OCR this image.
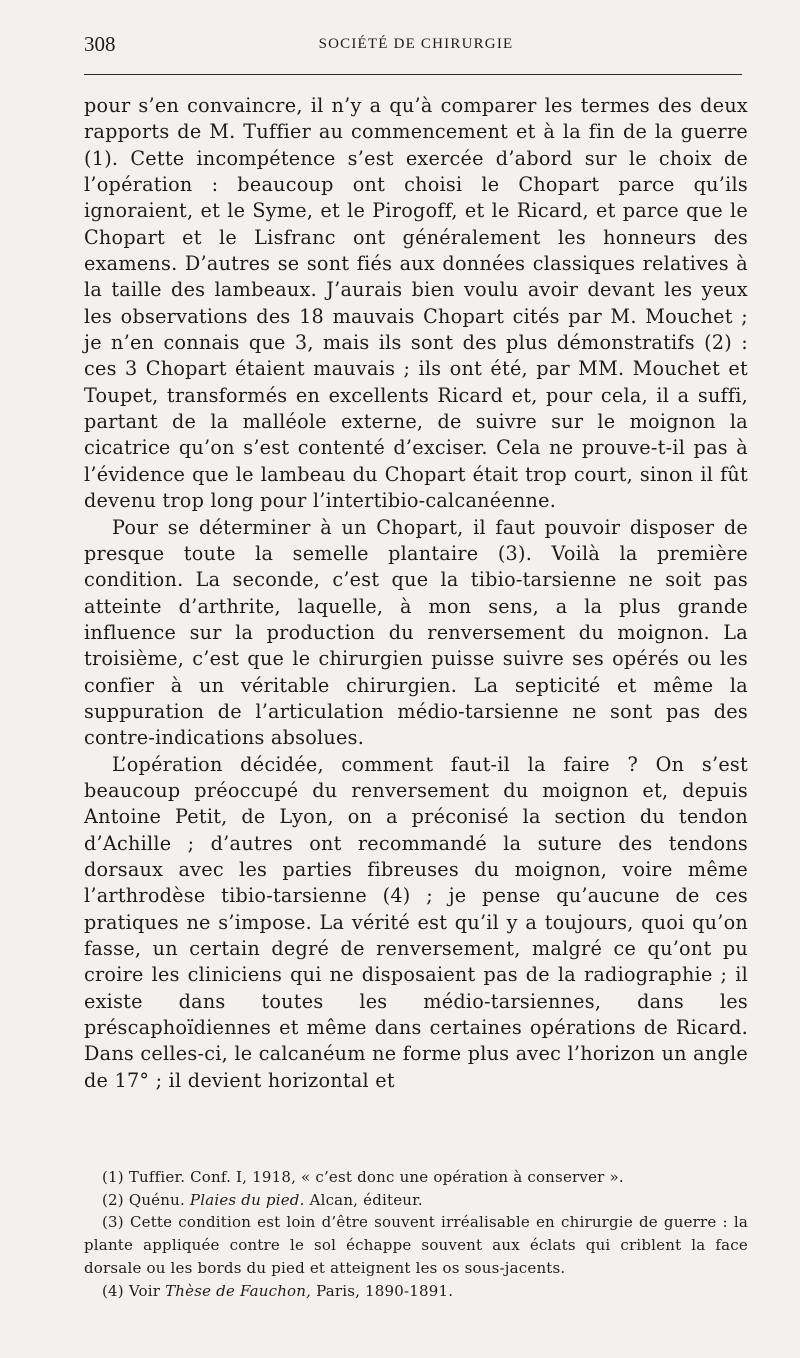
308	SOCIÉTÉ DE CHIRURGIE

pour s’en convaincre, il n’y a qu’à comparer les termes des deux rapports de M. Tuffier au commencement et à la fin de la guerre (1). Cette incompétence s’est exercée d’abord sur le choix de l’opération : beaucoup ont choisi le Chopart parce qu’ils ignoraient, et le Syme, et le Pirogoff, et le Ricard, et parce que le Chopart et le Lisfranc ont généralement les honneurs des examens. D’autres se sont fiés aux données classiques relatives à la taille des lambeaux. J’aurais bien voulu avoir devant les yeux les observations des 18 mauvais Chopart cités par M. Mouchet ; je n’en connais que 3, mais ils sont des plus démonstratifs (2) : ces 3 Chopart étaient mauvais ; ils ont été, par MM. Mouchet et Toupet, transformés en excellents Ricard et, pour cela, il a suffi, partant de la malléole externe, de suivre sur le moignon la cicatrice qu’on s’est contenté d’exciser. Cela ne prouve-t-il pas à l’évidence que le lambeau du Chopart était trop court, sinon il fût devenu trop long pour l’intertibio-calcanéenne.

Pour se déterminer à un Chopart, il faut pouvoir disposer de presque toute la semelle plantaire (3). Voilà la première condition. La seconde, c’est que la tibio-tarsienne ne soit pas atteinte d’arthrite, laquelle, à mon sens, a la plus grande influence sur la production du renversement du moignon. La troisième, c’est que le chirurgien puisse suivre ses opérés ou les confier à un véritable chirurgien. La septicité et même la suppuration de l’articulation médio-tarsienne ne sont pas des contre-indications absolues.

L’opération décidée, comment faut-il la faire ? On s’est beaucoup préoccupé du renversement du moignon et, depuis Antoine Petit, de Lyon, on a préconisé la section du tendon d’Achille ; d’autres ont recommandé la suture des tendons dorsaux avec les parties fibreuses du moignon, voire même l’arthrodèse tibio-tarsienne (4) ; je pense qu’aucune de ces pratiques ne s’impose. La vérité est qu’il y a toujours, quoi qu’on fasse, un certain degré de renversement, malgré ce qu’ont pu croire les cliniciens qui ne disposaient pas de la radiographie ; il existe dans toutes les médio-tarsiennes, dans les préscaphoïdiennes et même dans certaines opérations de Ricard. Dans celles-ci, le calcanéum ne forme plus avec l’horizon un angle de 17° ; il devient horizontal et

(1) Tuffier. Conf. I, 1918, « c’est donc une opération à conserver ».

(2) Quénu. Plaies du pied. Alcan, éditeur.

(3) Cette condition est loin d’être souvent irréalisable en chirurgie de guerre : la plante appliquée contre le sol échappe souvent aux éclats qui criblent la face dorsale ou les bords du pied et atteignent les os sous-jacents.

(4) Voir Thèse de Fauchon, Paris, 1890-1891.
